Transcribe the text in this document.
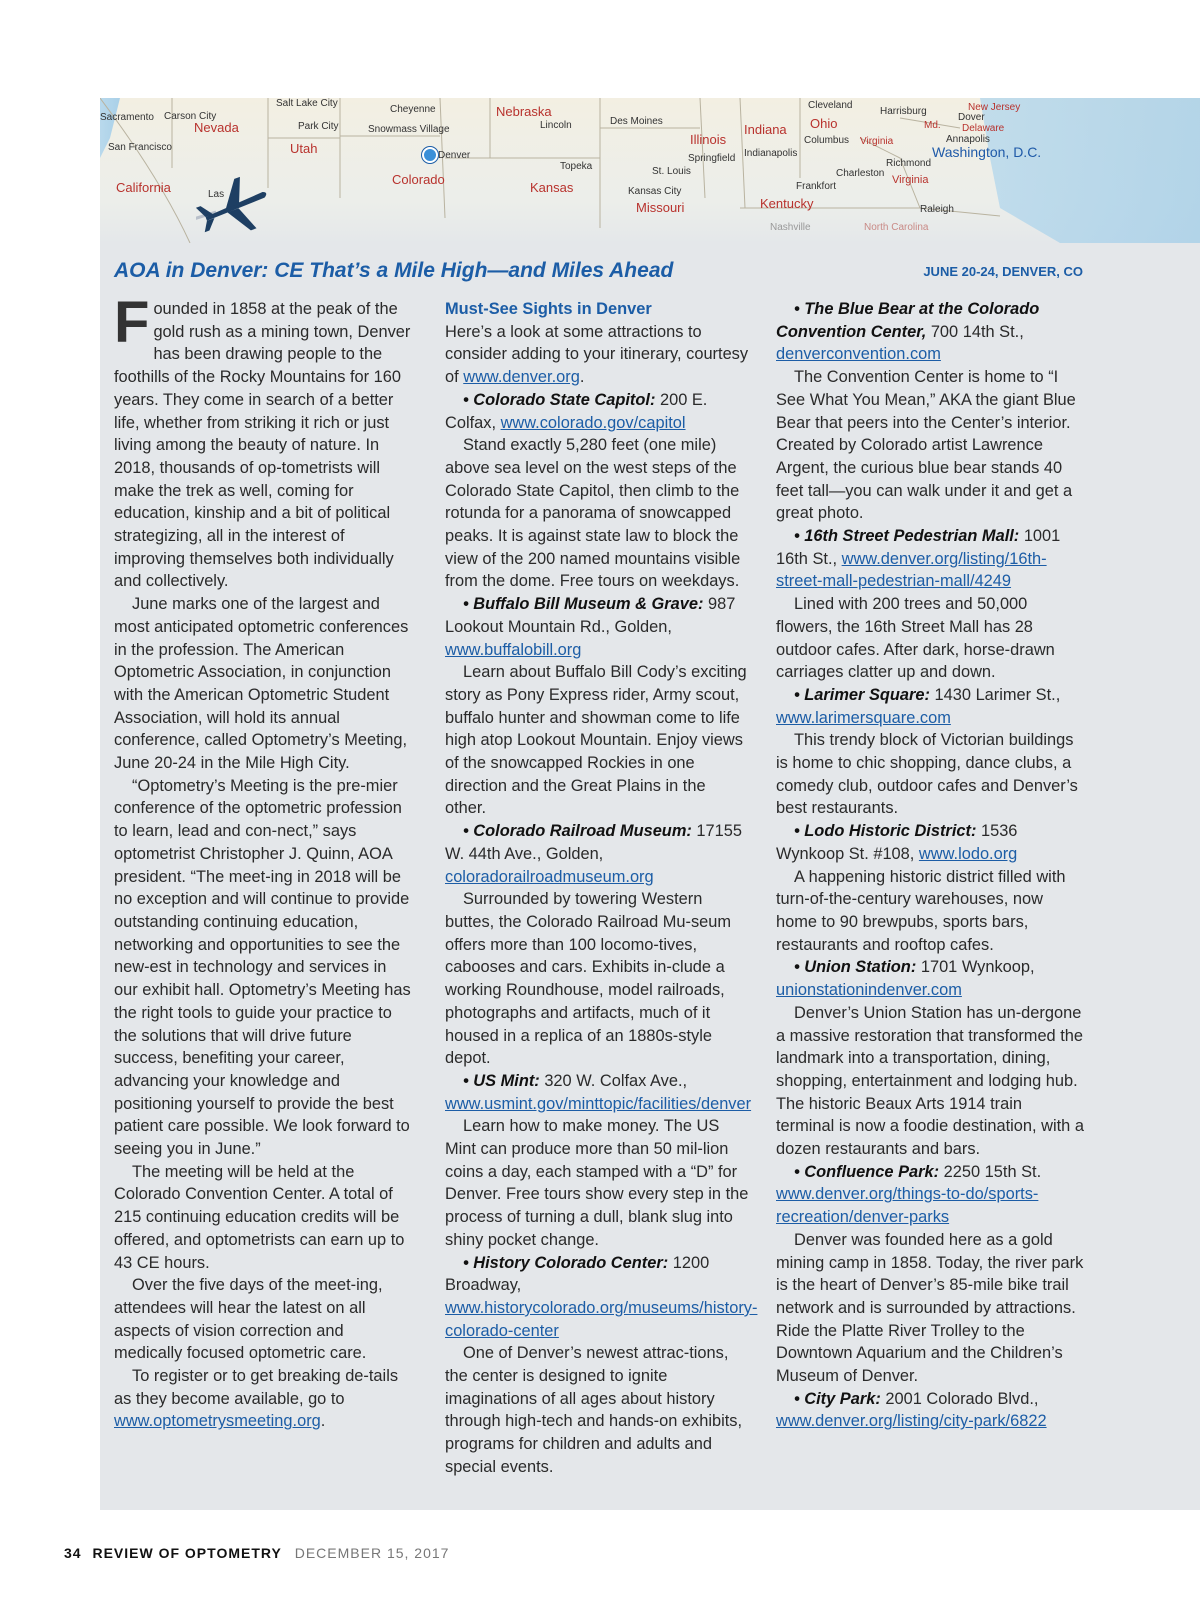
Sacramento Carson City
San Francisco
Nevada
Salt Lake City
Park City
Utah
California	Las
Cheyenne
Snowmass Village
Colorado
Nebraska
Lincoln
Kansas
Topeka
Des Moines
Kansas City
Missouri
St. Louis
Illinois
Springfield
Indiana
Indianapolis
Cleveland
Ohio
Columbus
Frankfort
Kentucky
Charleston
Virginia
Richmond
Virginia
Harrisburg
Md.
New Jersey
Dover
Delaware
Annapolis
Washington, D.C.
Raleigh
Nashville	North Carolina
Denver
AOA in Denver: CE That’s a Mile High—and Miles Ahead	JUNE 20-24, DENVER, CO

Founded in 1858 at the peak of the gold rush as a mining town, Denver has been drawing people to the foothills of the Rocky Mountains for 160 years. They come in search of a better life, whether from striking it rich or just living among the beauty of nature. In 2018, thousands of op-tometrists will make the trek as well, coming for education, kinship and a bit of political strategizing, all in the interest of improving themselves both individually and collectively.

June marks one of the largest and most anticipated optometric conferences in the profession. The American Optometric Association, in conjunction with the American Optometric Student Association, will hold its annual conference, called Optometry’s Meeting, June 20-24 in the Mile High City.

“Optometry’s Meeting is the pre-mier conference of the optometric profession to learn, lead and con-nect,” says optometrist Christopher J. Quinn, AOA president. “The meet-ing in 2018 will be no exception and will continue to provide outstanding continuing education, networking and opportunities to see the new-est in technology and services in our exhibit hall. Optometry’s Meeting has the right tools to guide your practice to the solutions that will drive future success, benefiting your career, advancing your knowledge and positioning yourself to provide the best patient care possible. We look forward to seeing you in June.”

The meeting will be held at the Colorado Convention Center. A total of 215 continuing education credits will be offered, and optometrists can earn up to 43 CE hours.

Over the five days of the meet-ing, attendees will hear the latest on all aspects of vision correction and medically focused optometric care.

To register or to get breaking de-tails as they become available, go to www.optometrysmeeting.org.

Must-See Sights in Denver

Here’s a look at some attractions to consider adding to your itinerary, courtesy of www.denver.org.

• Colorado State Capitol: 200 E. Colfax, www.colorado.gov/capitol

Stand exactly 5,280 feet (one mile) above sea level on the west steps of the Colorado State Capitol, then climb to the rotunda for a panorama of snowcapped peaks. It is against state law to block the view of the 200 named mountains visible from the dome. Free tours on weekdays.

• Buffalo Bill Museum & Grave: 987 Lookout Mountain Rd., Golden, www.buffalobill.org

Learn about Buffalo Bill Cody’s exciting story as Pony Express rider, Army scout, buffalo hunter and showman come to life high atop Lookout Mountain. Enjoy views of the snowcapped Rockies in one direction and the Great Plains in the other.

• Colorado Railroad Museum: 17155 W. 44th Ave., Golden, coloradorailroadmuseum.org

Surrounded by towering Western buttes, the Colorado Railroad Mu-seum offers more than 100 locomo-tives, cabooses and cars. Exhibits in-clude a working Roundhouse, model railroads, photographs and artifacts, much of it housed in a replica of an 1880s-style depot.

• US Mint: 320 W. Colfax Ave., www.usmint.gov/minttopic/facilities/denver

Learn how to make money. The US Mint can produce more than 50 mil-lion coins a day, each stamped with a “D” for Denver. Free tours show every step in the process of turning a dull, blank slug into shiny pocket change.

• History Colorado Center: 1200 Broadway, www.historycolorado.org/museums/history-colorado-center

One of Denver’s newest attrac-tions, the center is designed to ignite imaginations of all ages about history through high-tech and hands-on exhibits, programs for children and adults and special events.

• The Blue Bear at the Colorado Convention Center, 700 14th St., denverconvention.com

The Convention Center is home to “I See What You Mean,” AKA the giant Blue Bear that peers into the Center’s interior. Created by Colorado artist Lawrence Argent, the curious blue bear stands 40 feet tall—you can walk under it and get a great photo.

• 16th Street Pedestrian Mall: 1001 16th St., www.denver.org/listing/16th-street-mall-pedestrian-mall/4249

Lined with 200 trees and 50,000 flowers, the 16th Street Mall has 28 outdoor cafes. After dark, horse-drawn carriages clatter up and down.

• Larimer Square: 1430 Larimer St., www.larimersquare.com

This trendy block of Victorian buildings is home to chic shopping, dance clubs, a comedy club, outdoor cafes and Denver’s best restaurants.

• Lodo Historic District: 1536 Wynkoop St. #108, www.lodo.org

A happening historic district filled with turn-of-the-century warehouses, now home to 90 brewpubs, sports bars, restaurants and rooftop cafes.

• Union Station: 1701 Wynkoop, unionstationindenver.com

Denver’s Union Station has un-dergone a massive restoration that transformed the landmark into a transportation, dining, shopping, entertainment and lodging hub. The historic Beaux Arts 1914 train terminal is now a foodie destination, with a dozen restaurants and bars.

• Confluence Park: 2250 15th St. www.denver.org/things-to-do/sports-recreation/denver-parks

Denver was founded here as a gold mining camp in 1858. Today, the river park is the heart of Denver’s 85-mile bike trail network and is surrounded by attractions. Ride the Platte River Trolley to the Downtown Aquarium and the Children’s Museum of Denver.

• City Park: 2001 Colorado Blvd., www.denver.org/listing/city-park/6822

34 REVIEW OF OPTOMETRY DECEMBER 15, 2017
